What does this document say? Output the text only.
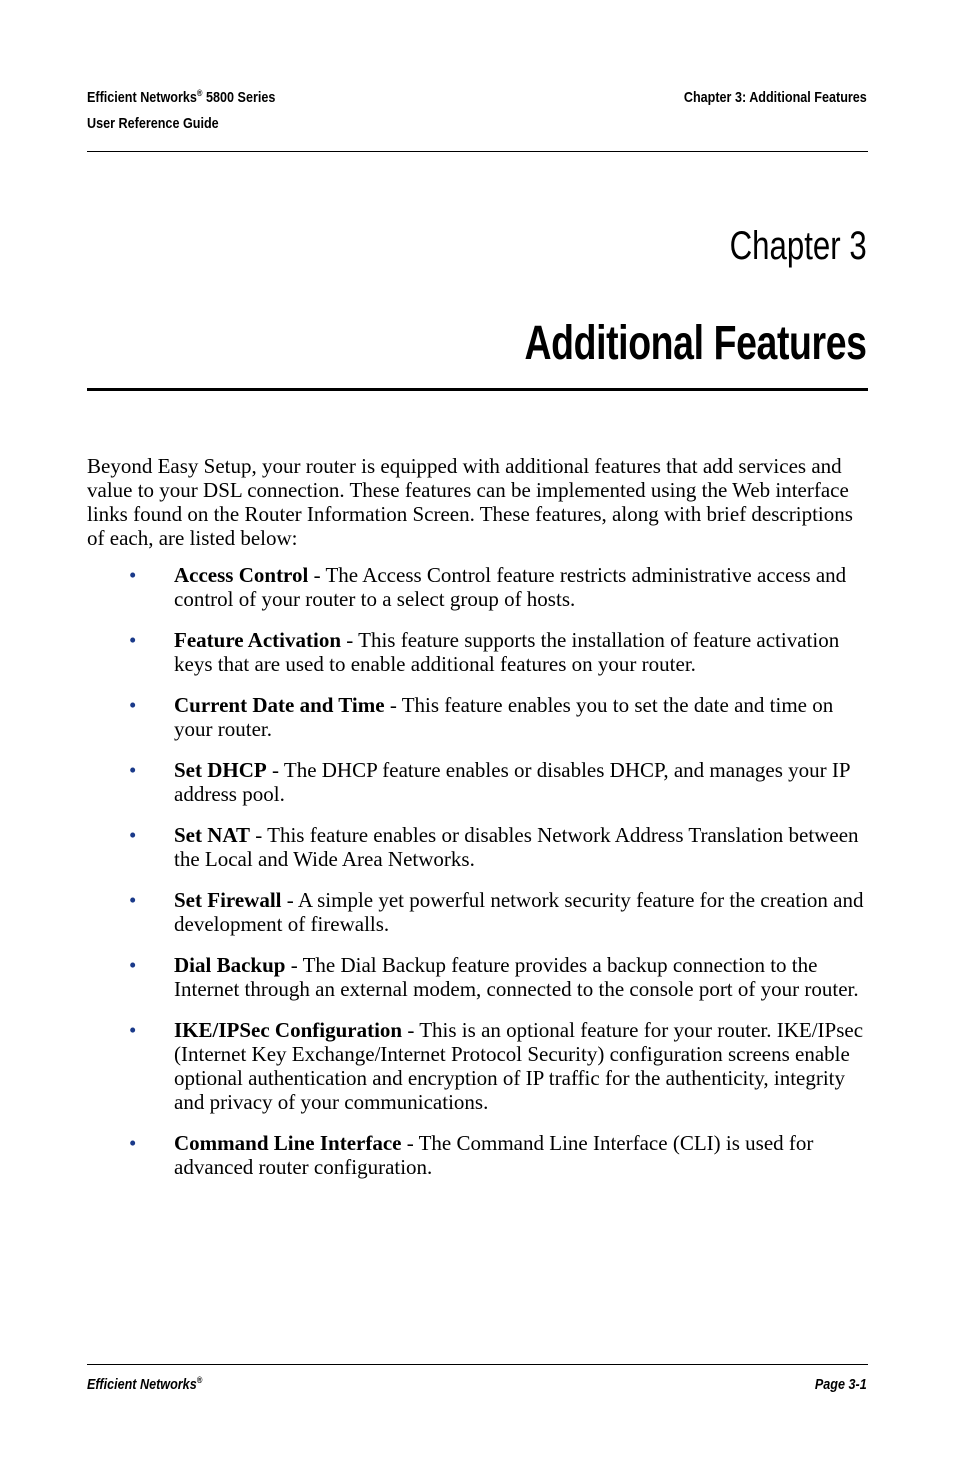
Efficient Networks® 5800 Series
User Reference Guide
Chapter 3: Additional Features
Chapter 3
Additional Features

Beyond Easy Setup, your router is equipped with additional features that add services and value to your DSL connection. These features can be implemented using the Web interface links found on the Router Information Screen. These features, along with brief descriptions of each, are listed below:

• Access Control - The Access Control feature restricts administrative access and control of your router to a select group of hosts.
• Feature Activation - This feature supports the installation of feature activation keys that are used to enable additional features on your router.
• Current Date and Time - This feature enables you to set the date and time on your router.
• Set DHCP - The DHCP feature enables or disables DHCP, and manages your IP address pool.
• Set NAT - This feature enables or disables Network Address Translation between the Local and Wide Area Networks.
• Set Firewall - A simple yet powerful network security feature for the creation and development of firewalls.
• Dial Backup - The Dial Backup feature provides a backup connection to the Internet through an external modem, connected to the console port of your router.
• IKE/IPSec Configuration - This is an optional feature for your router. IKE/IPsec (Internet Key Exchange/Internet Protocol Security) configuration screens enable optional authentication and encryption of IP traffic for the authenticity, integrity and privacy of your communications.
• Command Line Interface - The Command Line Interface (CLI) is used for advanced router configuration.
Efficient Networks®	Page 3-1
